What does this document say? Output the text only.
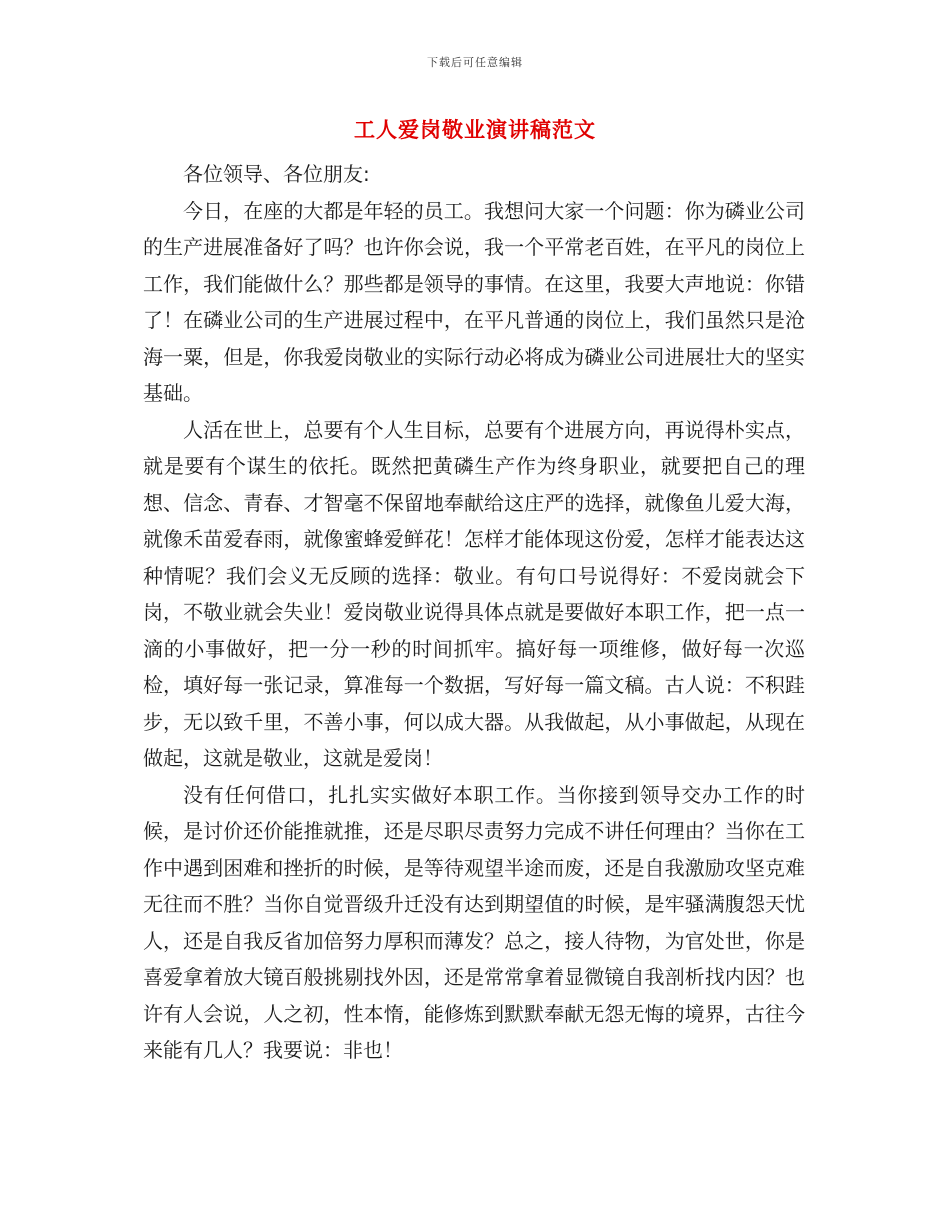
下载后可任意编辑
工人爱岗敬业演讲稿范文

各位领导、各位朋友:

今日，在座的大都是年轻的员工。我想问大家一个问题：你为磷业公司的生产进展准备好了吗？也许你会说，我一个平常老百姓，在平凡的岗位上工作，我们能做什么？那些都是领导的事情。在这里，我要大声地说：你错了！在磷业公司的生产进展过程中，在平凡普通的岗位上，我们虽然只是沧海一粟，但是，你我爱岗敬业的实际行动必将成为磷业公司进展壮大的坚实基础。

人活在世上，总要有个人生目标，总要有个进展方向，再说得朴实点，就是要有个谋生的依托。既然把黄磷生产作为终身职业，就要把自己的理想、信念、青春、才智毫不保留地奉献给这庄严的选择，就像鱼儿爱大海，就像禾苗爱春雨，就像蜜蜂爱鲜花！怎样才能体现这份爱，怎样才能表达这种情呢？我们会义无反顾的选择：敬业。有句口号说得好：不爱岗就会下岗，不敬业就会失业！爱岗敬业说得具体点就是要做好本职工作，把一点一滴的小事做好，把一分一秒的时间抓牢。搞好每一项维修，做好每一次巡检，填好每一张记录，算准每一个数据，写好每一篇文稿。古人说：不积跬步，无以致千里，不善小事，何以成大器。从我做起，从小事做起，从现在做起，这就是敬业，这就是爱岗！

没有任何借口，扎扎实实做好本职工作。当你接到领导交办工作的时候，是讨价还价能推就推，还是尽职尽责努力完成不讲任何理由？当你在工作中遇到困难和挫折的时候，是等待观望半途而废，还是自我激励攻坚克难无往而不胜？当你自觉晋级升迁没有达到期望值的时候，是牢骚满腹怨天忧人，还是自我反省加倍努力厚积而薄发？总之，接人待物，为官处世，你是喜爱拿着放大镜百般挑剔找外因，还是常常拿着显微镜自我剖析找内因？也许有人会说，人之初，性本惰，能修炼到默默奉献无怨无悔的境界，古往今来能有几人？我要说：非也！
